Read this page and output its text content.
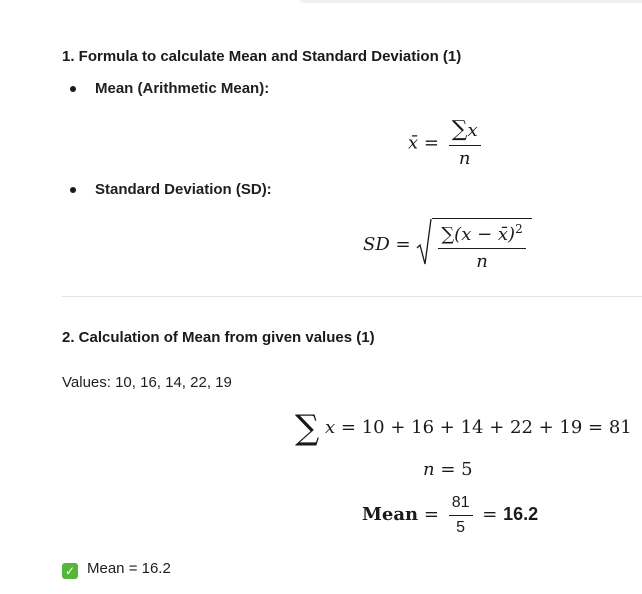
1. Formula to calculate Mean and Standard Deviation (1)
Mean (Arithmetic Mean):
x̄ = $\frac{\sum x}{n}$
Standard Deviation (SD):
SD = $\frac{\sum(x - x̄)^2}{n}$
2. Calculation of Mean from given values (1)
Values: 10, 16, 14, 22, 19
∑ x = 10 + 16 + 14 + 22 + 19 = 81
n = 5
Mean = $\frac{81}{5} = 16.2$
✓ Mean = 16.2
